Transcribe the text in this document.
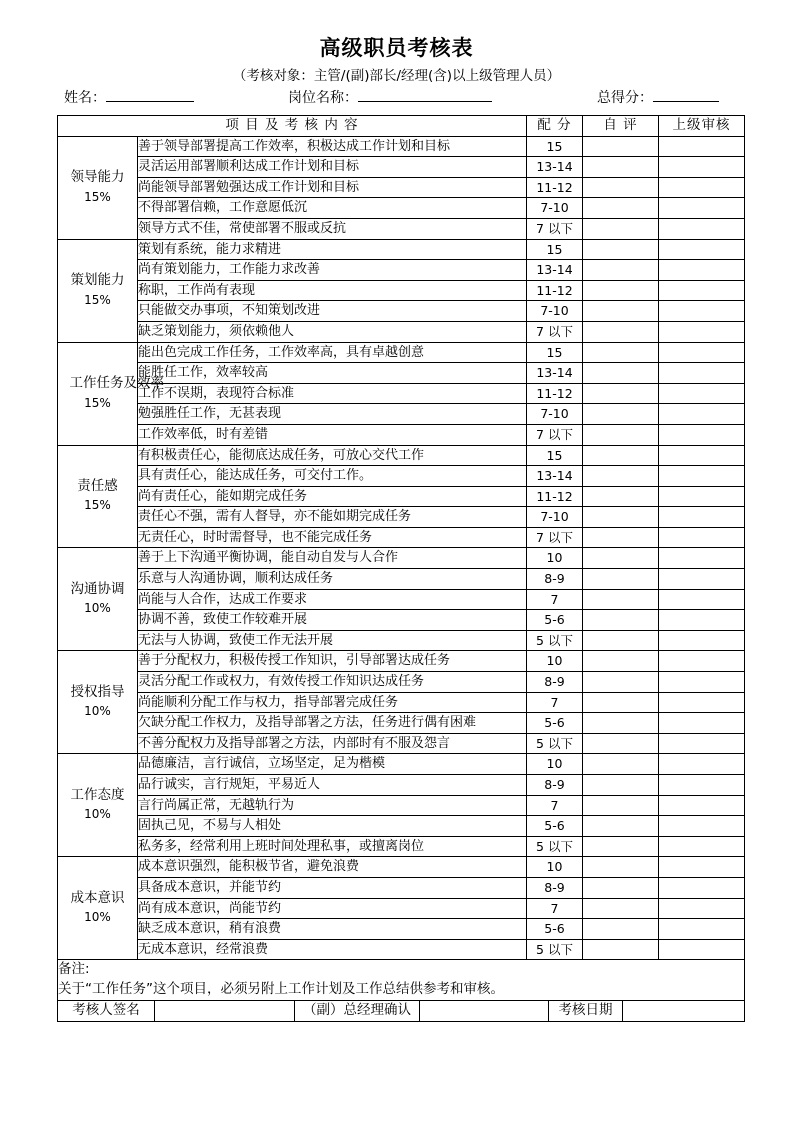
高级职员考核表
（考核对象：主管/(副)部长/经理(含)以上级管理人员）
姓名：	岗位名称：	总得分：
项 目 及 考 核 内 容		配 分	自 评	上级审核
领导能力
15%	善于领导部署提高工作效率，积极达成工作计划和目标	15		
	灵活运用部署顺利达成工作计划和目标	13-14		
	尚能领导部署勉强达成工作计划和目标	11-12		
	不得部署信赖，工作意愿低沉	7-10		
	领导方式不佳，常使部署不服或反抗	7 以下		
策划能力
15%	策划有系统，能力求精进	15		
	尚有策划能力，工作能力求改善	13-14		
	称职，工作尚有表现	11-12		
	只能做交办事项，不知策划改进	7-10		
	缺乏策划能力，须依赖他人	7 以下		
工作任务及效率
15%	能出色完成工作任务，工作效率高，具有卓越创意	15		
	能胜任工作，效率较高	13-14		
	工作不误期，表现符合标准	11-12		
	勉强胜任工作，无甚表现	7-10		
	工作效率低，时有差错	7 以下		
责任感
15%	有积极责任心，能彻底达成任务，可放心交代工作	15		
	具有责任心，能达成任务，可交付工作。	13-14		
	尚有责任心，能如期完成任务	11-12		
	责任心不强，需有人督导，亦不能如期完成任务	7-10		
	无责任心，时时需督导，也不能完成任务	7 以下		
沟通协调
10%	善于上下沟通平衡协调，能自动自发与人合作	10		
	乐意与人沟通协调，顺利达成任务	8-9		
	尚能与人合作，达成工作要求	7		
	协调不善，致使工作较难开展	5-6		
	无法与人协调，致使工作无法开展	5 以下		
授权指导
10%	善于分配权力，积极传授工作知识，引导部署达成任务	10		
	灵活分配工作或权力，有效传授工作知识达成任务	8-9		
	尚能顺利分配工作与权力，指导部署完成任务	7		
	欠缺分配工作权力，及指导部署之方法，任务进行偶有困难	5-6		
	不善分配权力及指导部署之方法，内部时有不服及怨言	5 以下		
工作态度
10%	品德廉洁，言行诚信，立场坚定，足为楷模	10		
	品行诚实，言行规矩，平易近人	8-9		
	言行尚属正常，无越轨行为	7		
	固执己见，不易与人相处	5-6		
	私务多，经常利用上班时间处理私事，或擅离岗位	5 以下		
成本意识
10%	成本意识强烈，能积极节省，避免浪费	10		
	具备成本意识，并能节约	8-9		
	尚有成本意识，尚能节约	7		
	缺乏成本意识，稍有浪费	5-6		
	无成本意识，经常浪费	5 以下		

备注:
关于“工作任务”这个项目，必须另附上工作计划及工作总结供参考和审核。				
考核人签名		（副）总经理确认		考核日期	
